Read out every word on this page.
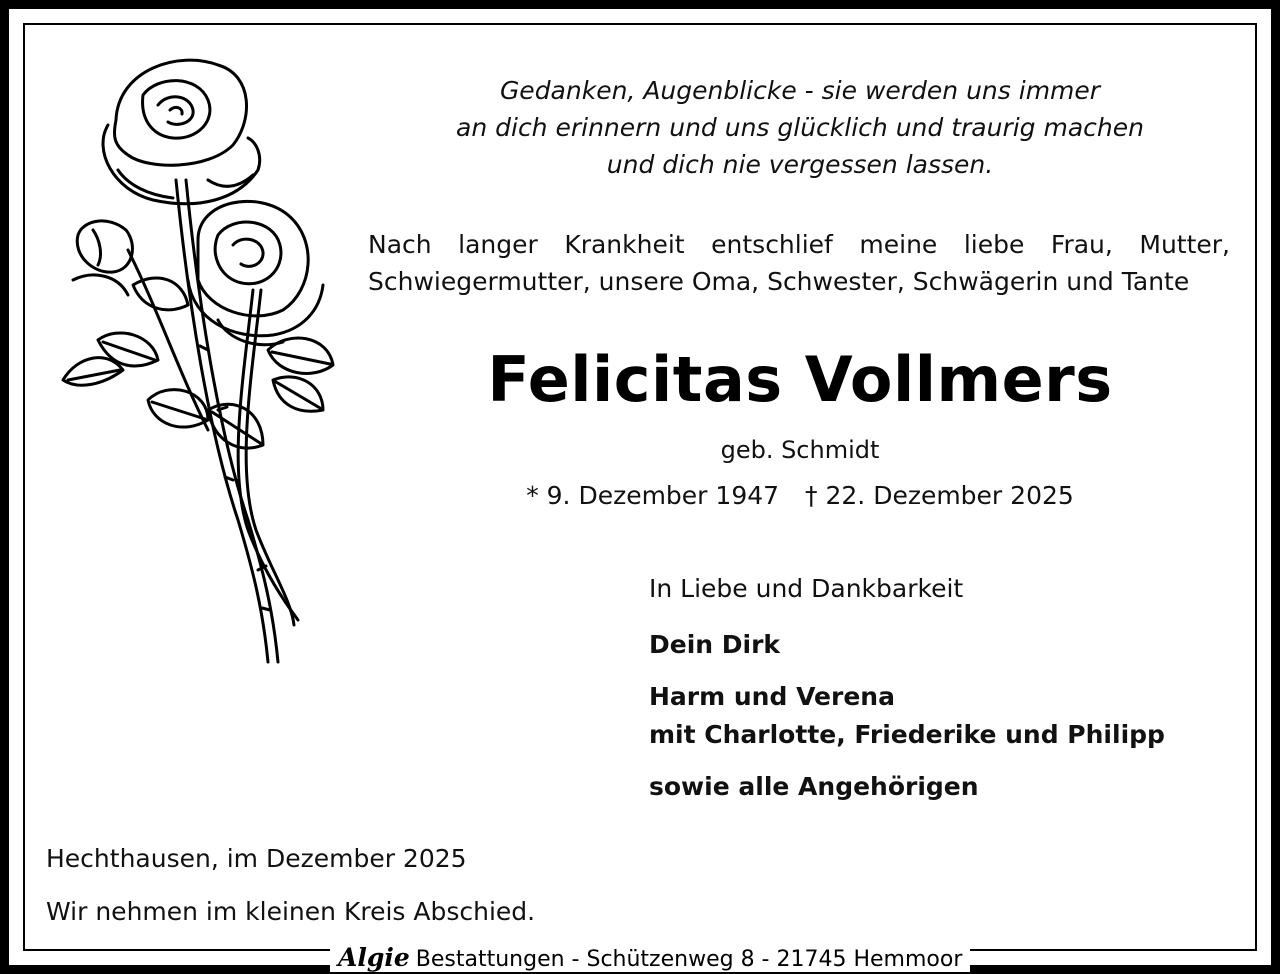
Gedanken, Augenblicke - sie werden uns immer
an dich erinnern und uns glücklich und traurig machen
und dich nie vergessen lassen.
Nach langer Krankheit entschlief meine liebe Frau, Mutter, Schwiegermutter, unsere Oma, Schwester, Schwägerin und Tante
Felicitas Vollmers
geb. Schmidt
* 9. Dezember 1947 † 22. Dezember 2025
In Liebe und Dankbarkeit
Dein Dirk
Harm und Verena
mit Charlotte, Friederike und Philipp
sowie alle Angehörigen
Hechthausen, im Dezember 2025
Wir nehmen im kleinen Kreis Abschied.
Algie Bestattungen - Schützenweg 8 - 21745 Hemmoor
